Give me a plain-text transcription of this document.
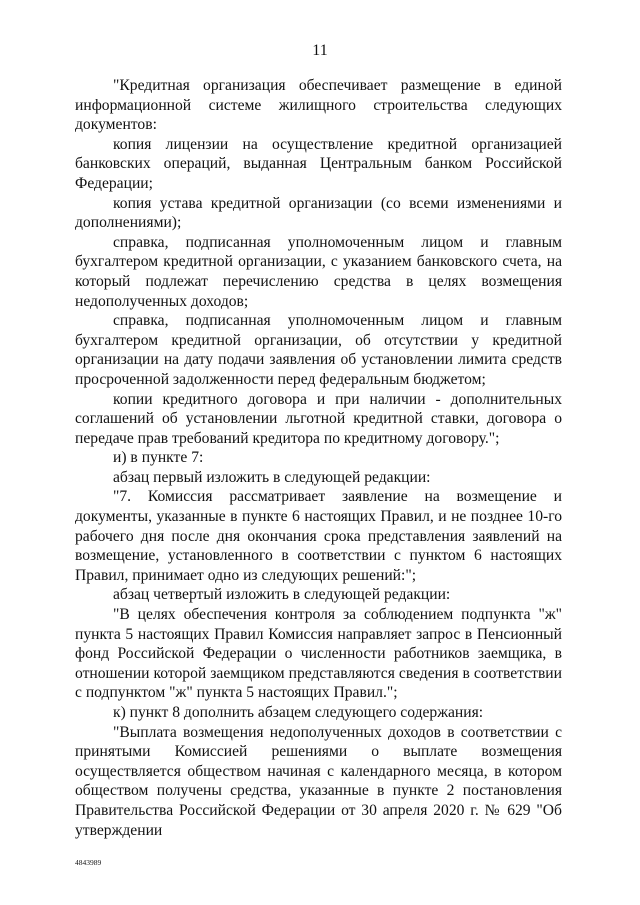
11

"Кредитная организация обеспечивает размещение в единой информационной системе жилищного строительства следующих документов:

копия лицензии на осуществление кредитной организацией банковских операций, выданная Центральным банком Российской Федерации;

копия устава кредитной организации (со всеми изменениями и дополнениями);

справка, подписанная уполномоченным лицом и главным бухгалтером кредитной организации, с указанием банковского счета, на который подлежат перечислению средства в целях возмещения недополученных доходов;

справка, подписанная уполномоченным лицом и главным бухгалтером кредитной организации, об отсутствии у кредитной организации на дату подачи заявления об установлении лимита средств просроченной задолженности перед федеральным бюджетом;

копии кредитного договора и при наличии - дополнительных соглашений об установлении льготной кредитной ставки, договора о передаче прав требований кредитора по кредитному договору.";

и) в пункте 7:

абзац первый изложить в следующей редакции:

"7. Комиссия рассматривает заявление на возмещение и документы, указанные в пункте 6 настоящих Правил, и не позднее 10-го рабочего дня после дня окончания срока представления заявлений на возмещение, установленного в соответствии с пунктом 6 настоящих Правил, принимает одно из следующих решений:";

абзац четвертый изложить в следующей редакции:

"В целях обеспечения контроля за соблюдением подпункта "ж" пункта 5 настоящих Правил Комиссия направляет запрос в Пенсионный фонд Российской Федерации о численности работников заемщика, в отношении которой заемщиком представляются сведения в соответствии с подпунктом "ж" пункта 5 настоящих Правил.";

к) пункт 8 дополнить абзацем следующего содержания:

"Выплата возмещения недополученных доходов в соответствии с принятыми Комиссией решениями о выплате возмещения осуществляется обществом начиная с календарного месяца, в котором обществом получены средства, указанные в пункте 2 постановления Правительства Российской Федерации от 30 апреля 2020 г. № 629 "Об утверждении

4843989
